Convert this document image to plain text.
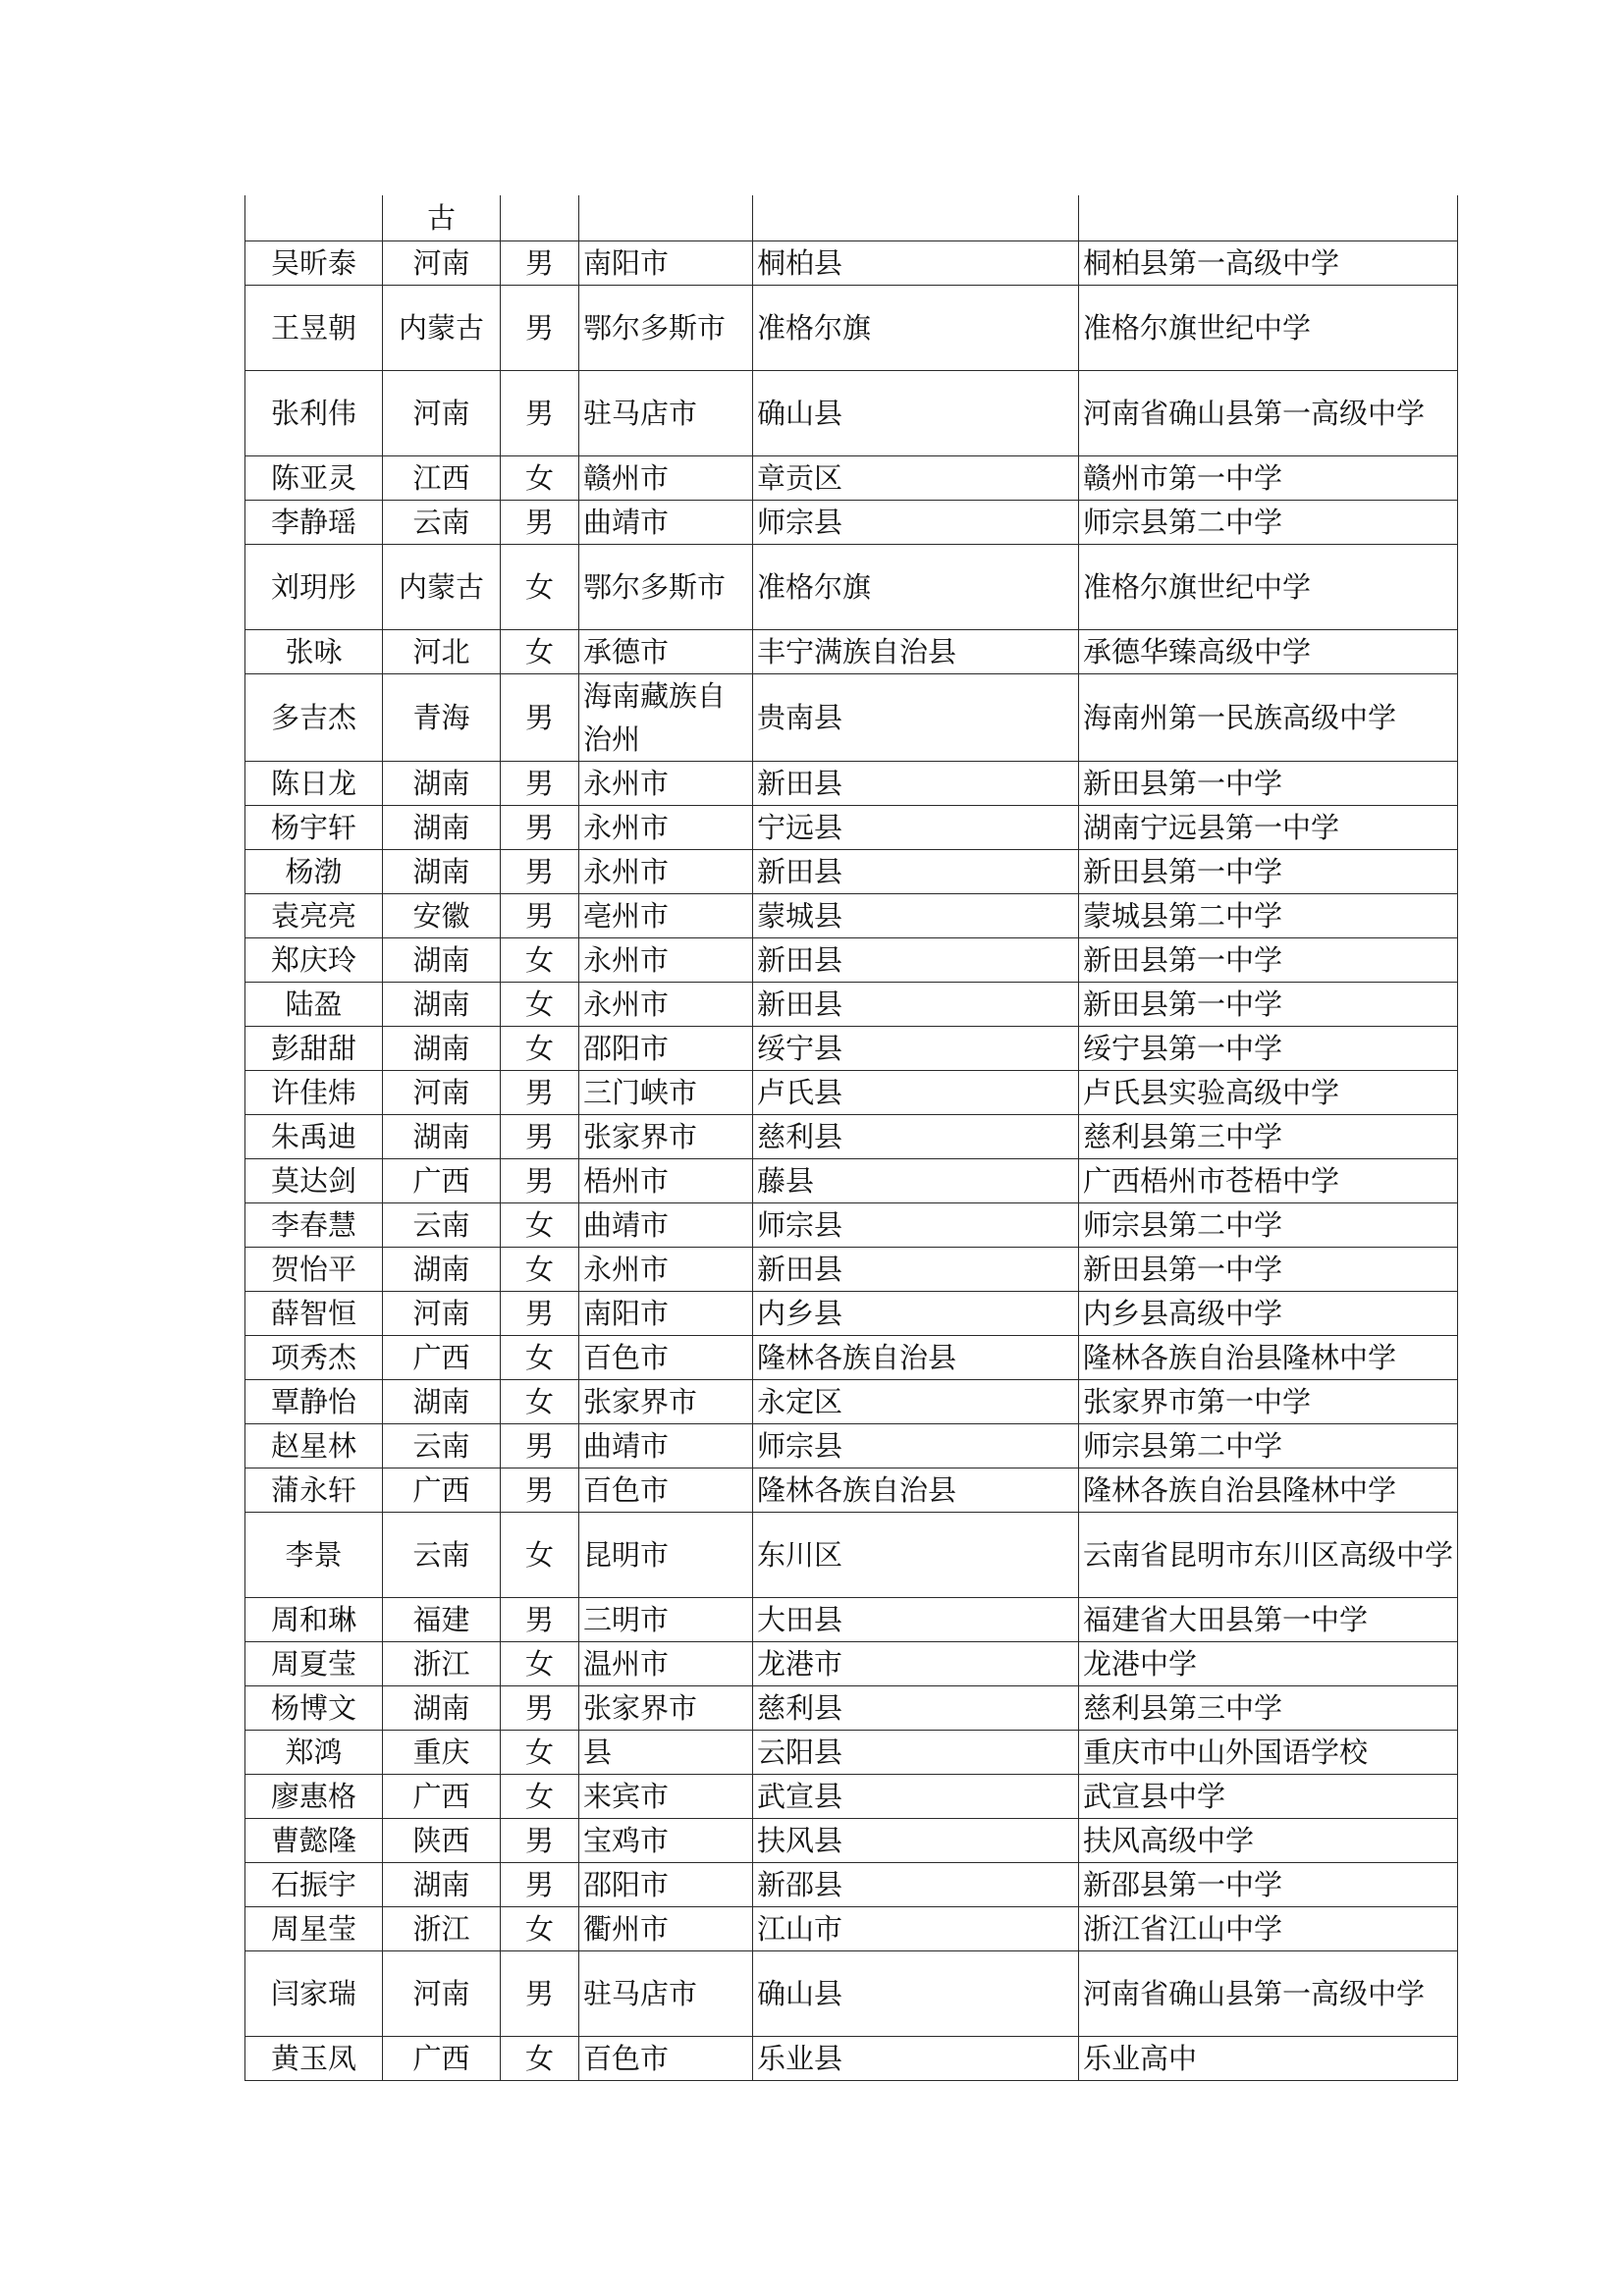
	古				
吴昕泰	河南	男	南阳市	桐柏县	桐柏县第一高级中学
王昱朝	内蒙古	男	鄂尔多斯市	准格尔旗	准格尔旗世纪中学
张利伟	河南	男	驻马店市	确山县	河南省确山县第一高级中学
陈亚灵	江西	女	赣州市	章贡区	赣州市第一中学
李静瑶	云南	男	曲靖市	师宗县	师宗县第二中学
刘玥彤	内蒙古	女	鄂尔多斯市	准格尔旗	准格尔旗世纪中学
张咏	河北	女	承德市	丰宁满族自治县	承德华臻高级中学
多吉杰	青海	男	海南藏族自治州	贵南县	海南州第一民族高级中学
陈日龙	湖南	男	永州市	新田县	新田县第一中学
杨宇轩	湖南	男	永州市	宁远县	湖南宁远县第一中学
杨渤	湖南	男	永州市	新田县	新田县第一中学
袁亮亮	安徽	男	亳州市	蒙城县	蒙城县第二中学
郑庆玲	湖南	女	永州市	新田县	新田县第一中学
陆盈	湖南	女	永州市	新田县	新田县第一中学
彭甜甜	湖南	女	邵阳市	绥宁县	绥宁县第一中学
许佳炜	河南	男	三门峡市	卢氏县	卢氏县实验高级中学
朱禹迪	湖南	男	张家界市	慈利县	慈利县第三中学
莫达剑	广西	男	梧州市	藤县	广西梧州市苍梧中学
李春慧	云南	女	曲靖市	师宗县	师宗县第二中学
贺怡平	湖南	女	永州市	新田县	新田县第一中学
薛智恒	河南	男	南阳市	内乡县	内乡县高级中学
项秀杰	广西	女	百色市	隆林各族自治县	隆林各族自治县隆林中学
覃静怡	湖南	女	张家界市	永定区	张家界市第一中学
赵星林	云南	男	曲靖市	师宗县	师宗县第二中学
蒲永轩	广西	男	百色市	隆林各族自治县	隆林各族自治县隆林中学
李景	云南	女	昆明市	东川区	云南省昆明市东川区高级中学
周和琳	福建	男	三明市	大田县	福建省大田县第一中学
周夏莹	浙江	女	温州市	龙港市	龙港中学
杨博文	湖南	男	张家界市	慈利县	慈利县第三中学
郑鸿	重庆	女	县	云阳县	重庆市中山外国语学校
廖惠格	广西	女	来宾市	武宣县	武宣县中学
曹懿隆	陕西	男	宝鸡市	扶风县	扶风高级中学
石振宇	湖南	男	邵阳市	新邵县	新邵县第一中学
周星莹	浙江	女	衢州市	江山市	浙江省江山中学
闫家瑞	河南	男	驻马店市	确山县	河南省确山县第一高级中学
黄玉凤	广西	女	百色市	乐业县	乐业高中
